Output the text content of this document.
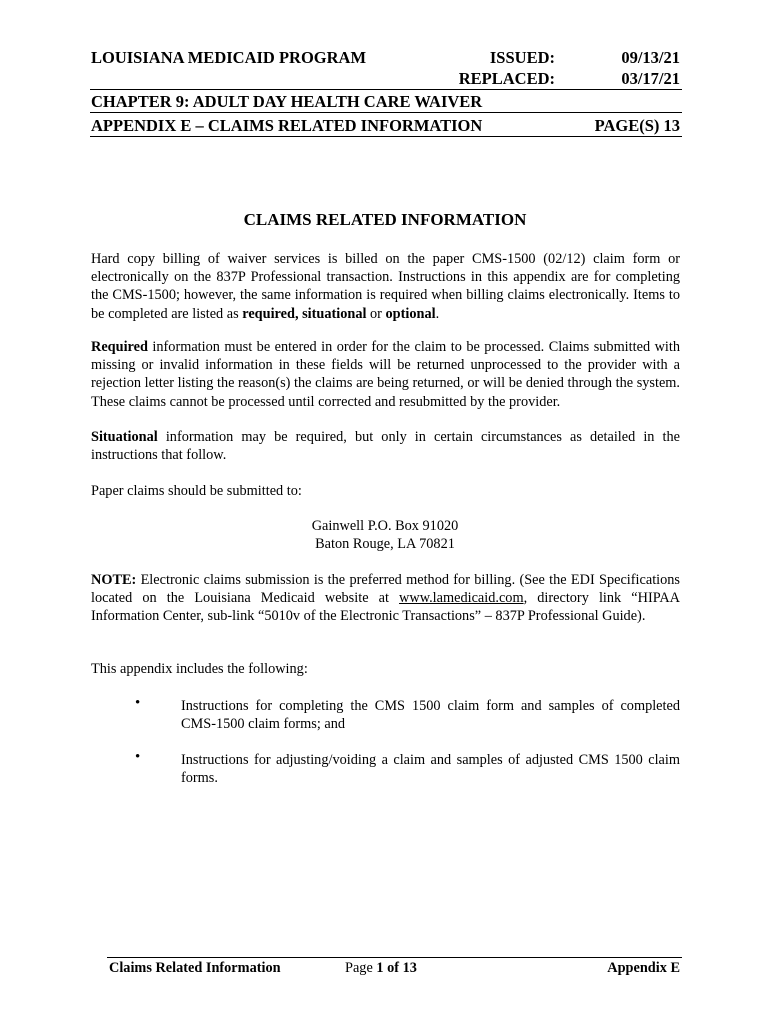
LOUISIANA MEDICAID PROGRAM	ISSUED:	09/13/21
REPLACED:	03/17/21
CHAPTER 9: ADULT DAY HEALTH CARE WAIVER
APPENDIX E – CLAIMS RELATED INFORMATION	PAGE(S) 13
CLAIMS RELATED INFORMATION

Hard copy billing of waiver services is billed on the paper CMS-1500 (02/12) claim form or electronically on the 837P Professional transaction. Instructions in this appendix are for completing the CMS-1500; however, the same information is required when billing claims electronically. Items to be completed are listed as required, situational or optional.

Required information must be entered in order for the claim to be processed. Claims submitted with missing or invalid information in these fields will be returned unprocessed to the provider with a rejection letter listing the reason(s) the claims are being returned, or will be denied through the system. These claims cannot be processed until corrected and resubmitted by the provider.

Situational information may be required, but only in certain circumstances as detailed in the instructions that follow.

Paper claims should be submitted to:

Gainwell P.O. Box 91020
Baton Rouge, LA 70821

NOTE: Electronic claims submission is the preferred method for billing. (See the EDI Specifications located on the Louisiana Medicaid website at www.lamedicaid.com, directory link “HIPAA Information Center, sub-link “5010v of the Electronic Transactions” – 837P Professional Guide).

This appendix includes the following:

•	Instructions for completing the CMS 1500 claim form and samples of completed CMS-1500 claim forms; and

•	Instructions for adjusting/voiding a claim and samples of adjusted CMS 1500 claim forms.

Claims Related Information	Page 1 of 13	Appendix E
